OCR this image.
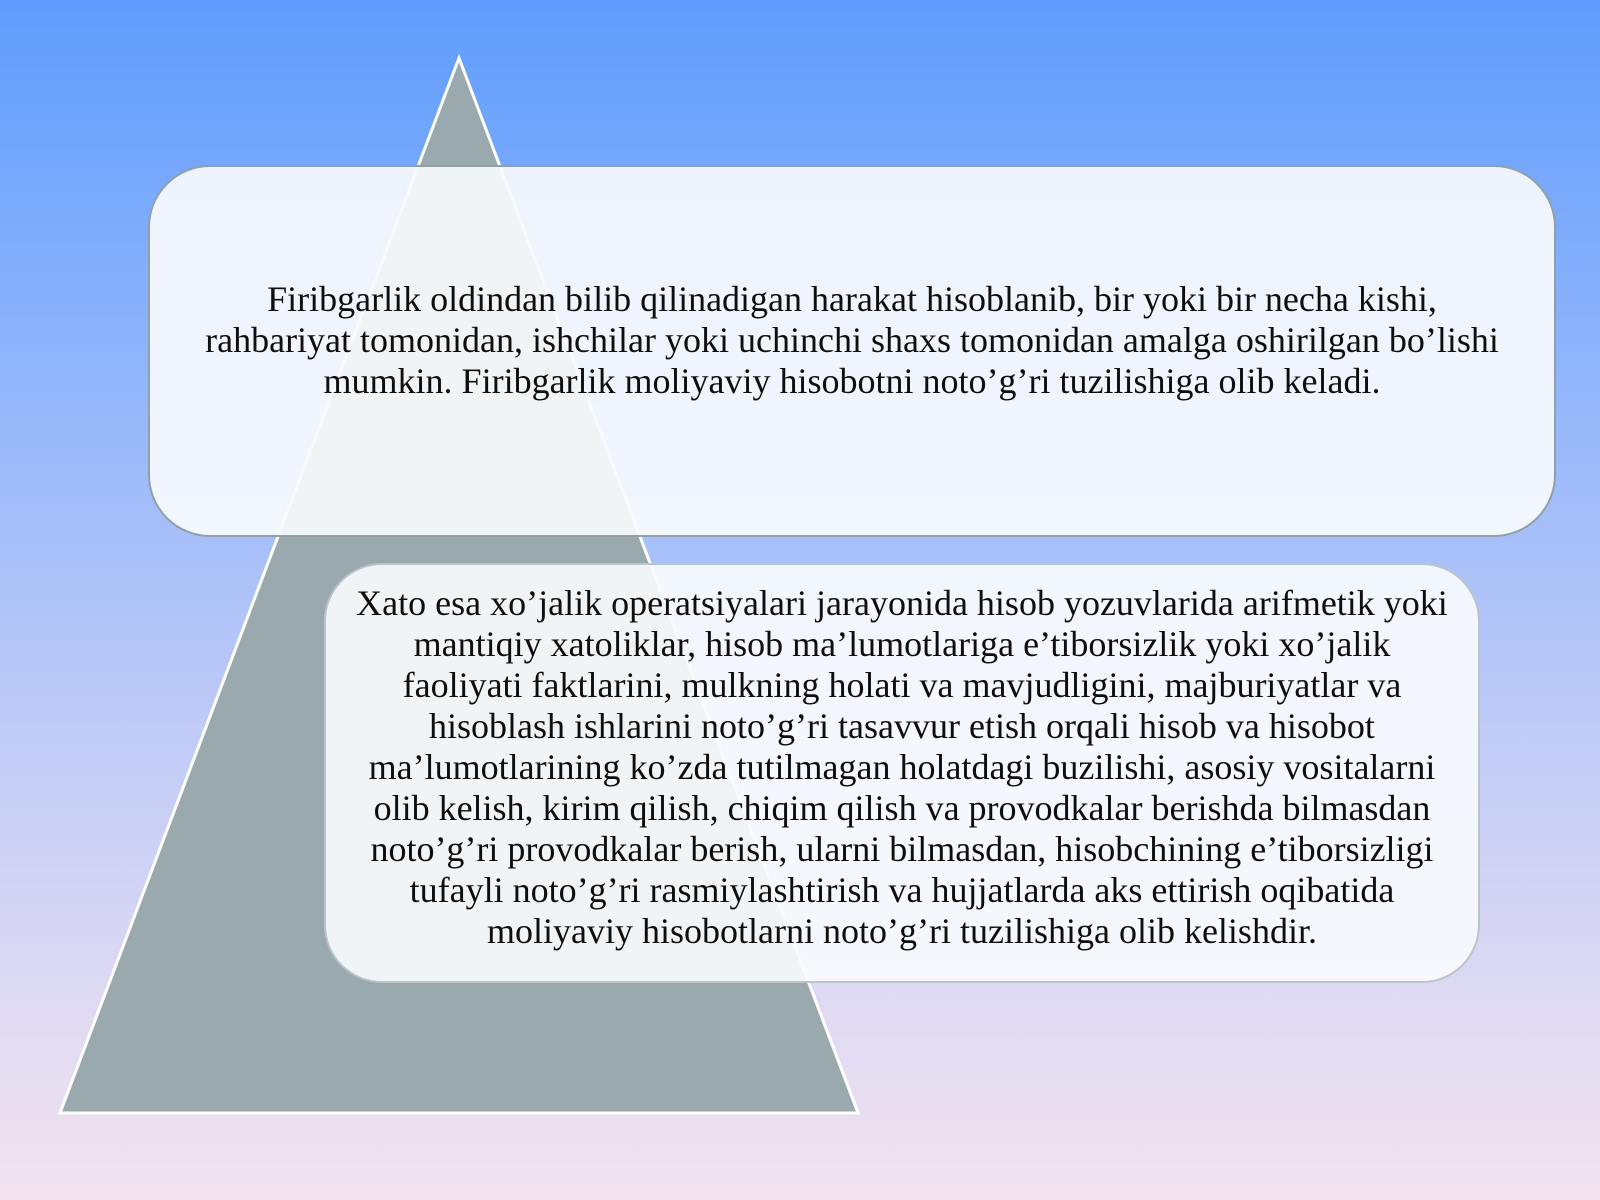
Firibgarlik oldindan bilib qilinadigan harakat hisoblanib, bir yoki bir necha kishi, rahbariyat tomonidan, ishchilar yoki uchinchi shaxs tomonidan amalga oshirilgan bo’lishi mumkin. Firibgarlik moliyaviy hisobotni noto’g’ri tuzilishiga olib keladi.

Xato esa xo’jalik operatsiyalari jarayonida hisob yozuvlarida arifmetik yoki mantiqiy xatoliklar, hisob ma’lumotlariga e’tiborsizlik yoki xo’jalik faoliyati faktlarini, mulkning holati va mavjudligini, majburiyatlar va hisoblash ishlarini noto’g’ri tasavvur etish orqali hisob va hisobot ma’lumotlarining ko’zda tutilmagan holatdagi buzilishi, asosiy vositalarni olib kelish, kirim qilish, chiqim qilish va provodkalar berishda bilmasdan noto’g’ri provodkalar berish, ularni bilmasdan, hisobchining e’tiborsizligi tufayli noto’g’ri rasmiylashtirish va hujjatlarda aks ettirish oqibatida moliyaviy hisobotlarni noto’g’ri tuzilishiga olib kelishdir.
